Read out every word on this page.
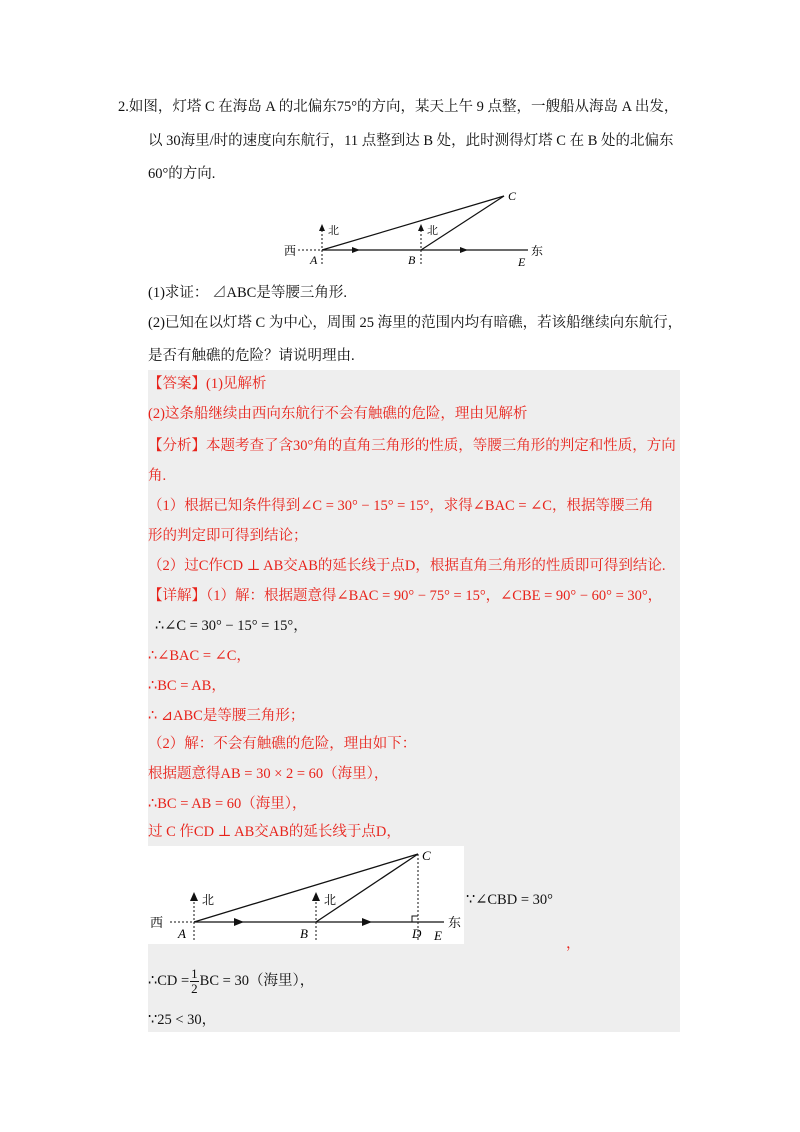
2.如图，灯塔 C 在海岛 A 的北偏东75°的方向，某天上午 9 点整，一艘船从海岛 A 出发，
以 30海里/时的速度向东航行，11 点整到达 B 处，此时测得灯塔 C 在 B 处的北偏东
60°的方向.
西	东
北	北
A	B
C
E
(1)求证： ⊿ABC是等腰三角形.
(2)已知在以灯塔 C 为中心，周围 25 海里的范围内均有暗礁，若该船继续向东航行，
是否有触礁的危险？请说明理由.
【答案】(1)见解析
(2)这条船继续由西向东航行不会有触礁的危险，理由见解析
【分析】本题考查了含30°角的直角三角形的性质，等腰三角形的判定和性质，方向
角.
（1）根据已知条件得到∠C = 30° − 15° = 15°，求得∠BAC = ∠C，根据等腰三角
形的判定即可得到结论；
（2）过C作CD ⊥ AB交AB的延长线于点D，根据直角三角形的性质即可得到结论.
【详解】（1）解：根据题意得∠BAC = 90° − 75° = 15°，∠CBE = 90° − 60° = 30°，
∴∠C = 30° − 15° = 15°，
∴∠BAC = ∠C，
∴BC = AB，
∴ ⊿ABC是等腰三角形；
（2）解：不会有触礁的危险，理由如下：
根据题意得AB = 30 × 2 = 60（海里），
∴BC = AB = 60（海里），
过 C 作CD ⊥ AB交AB的延长线于点D，
西	东
北	北
A	B
C
D E
∵∠CBD = 30°
，
∴CD = $\frac{1}{2}$ BC = 30（海里），
∵25 < 30，
